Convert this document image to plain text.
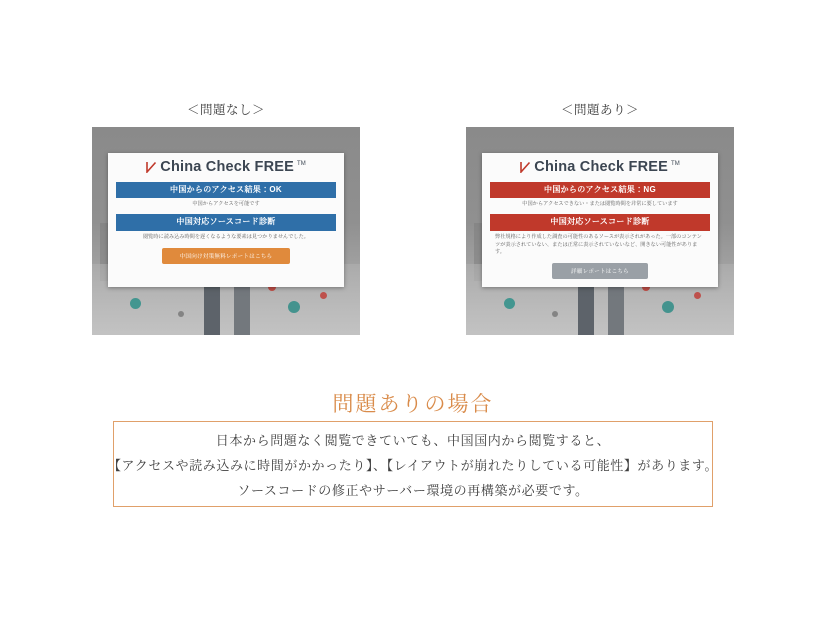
＜問題なし＞
China Check FREE TM
中国からのアクセス結果：OK
中国からアクセスを可能です
中国対応ソースコード診断
閲覧時に読み込み時間を遅くなるような要素は見つかりませんでした。
中国向け対策無料レポートはこちら
＜問題あり＞
China Check FREE TM
中国からのアクセス結果：NG
中国からアクセスできない・または閲覧時間を非常に要しています
中国対応ソースコード診断
弊社規格により作成した調査の可能性のあるソースが表示されがあった。一部のコンテンツが表示されていない、または正常に表示されていないなど、開きない可能性があります。
詳細レポートはこちら
問題ありの場合
日本から問題なく閲覧できていても、中国国内から閲覧すると、
【アクセスや読み込みに時間がかかったり】、【レイアウトが崩れたりしている可能性】があります。
ソースコードの修正やサーバー環境の再構築が必要です。
